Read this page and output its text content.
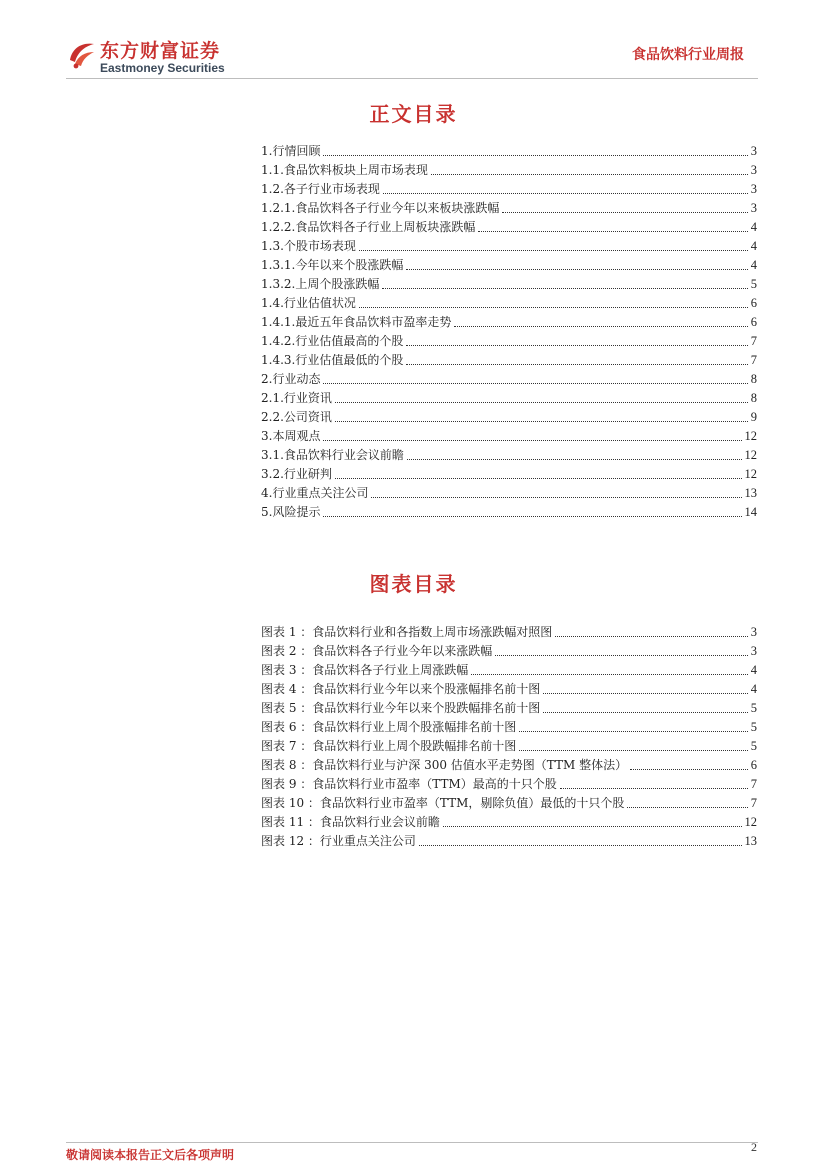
东方财富证券
Eastmoney Securities
食品饮料行业周报
正文目录
1.行情回顾	3
1.1.食品饮料板块上周市场表现	3
1.2.各子行业市场表现	3
1.2.1.食品饮料各子行业今年以来板块涨跌幅	3
1.2.2.食品饮料各子行业上周板块涨跌幅	4
1.3.个股市场表现	4
1.3.1.今年以来个股涨跌幅	4
1.3.2.上周个股涨跌幅	5
1.4.行业估值状况	6
1.4.1.最近五年食品饮料市盈率走势	6
1.4.2.行业估值最高的个股	7
1.4.3.行业估值最低的个股	7
2.行业动态	8
2.1.行业资讯	8
2.2.公司资讯	9
3.本周观点	12
3.1.食品饮料行业会议前瞻	12
3.2.行业研判	12
4.行业重点关注公司	13
5.风险提示	14
图表目录
图表 1 ：食品饮料行业和各指数上周市场涨跌幅对照图	3
图表 2 ：食品饮料各子行业今年以来涨跌幅	3
图表 3 ：食品饮料各子行业上周涨跌幅	4
图表 4 ：食品饮料行业今年以来个股涨幅排名前十图	4
图表 5 ：食品饮料行业今年以来个股跌幅排名前十图	5
图表 6 ：食品饮料行业上周个股涨幅排名前十图	5
图表 7 ：食品饮料行业上周个股跌幅排名前十图	5
图表 8 ：食品饮料行业与沪深 300 估值水平走势图（TTM 整体法）	6
图表 9 ：食品饮料行业市盈率（TTM）最高的十只个股	7
图表 10 ：食品饮料行业市盈率（TTM，剔除负值）最低的十只个股	7
图表 11 ：食品饮料行业会议前瞻	12
图表 12 ：行业重点关注公司	13
敬请阅读本报告正文后各项声明
2
